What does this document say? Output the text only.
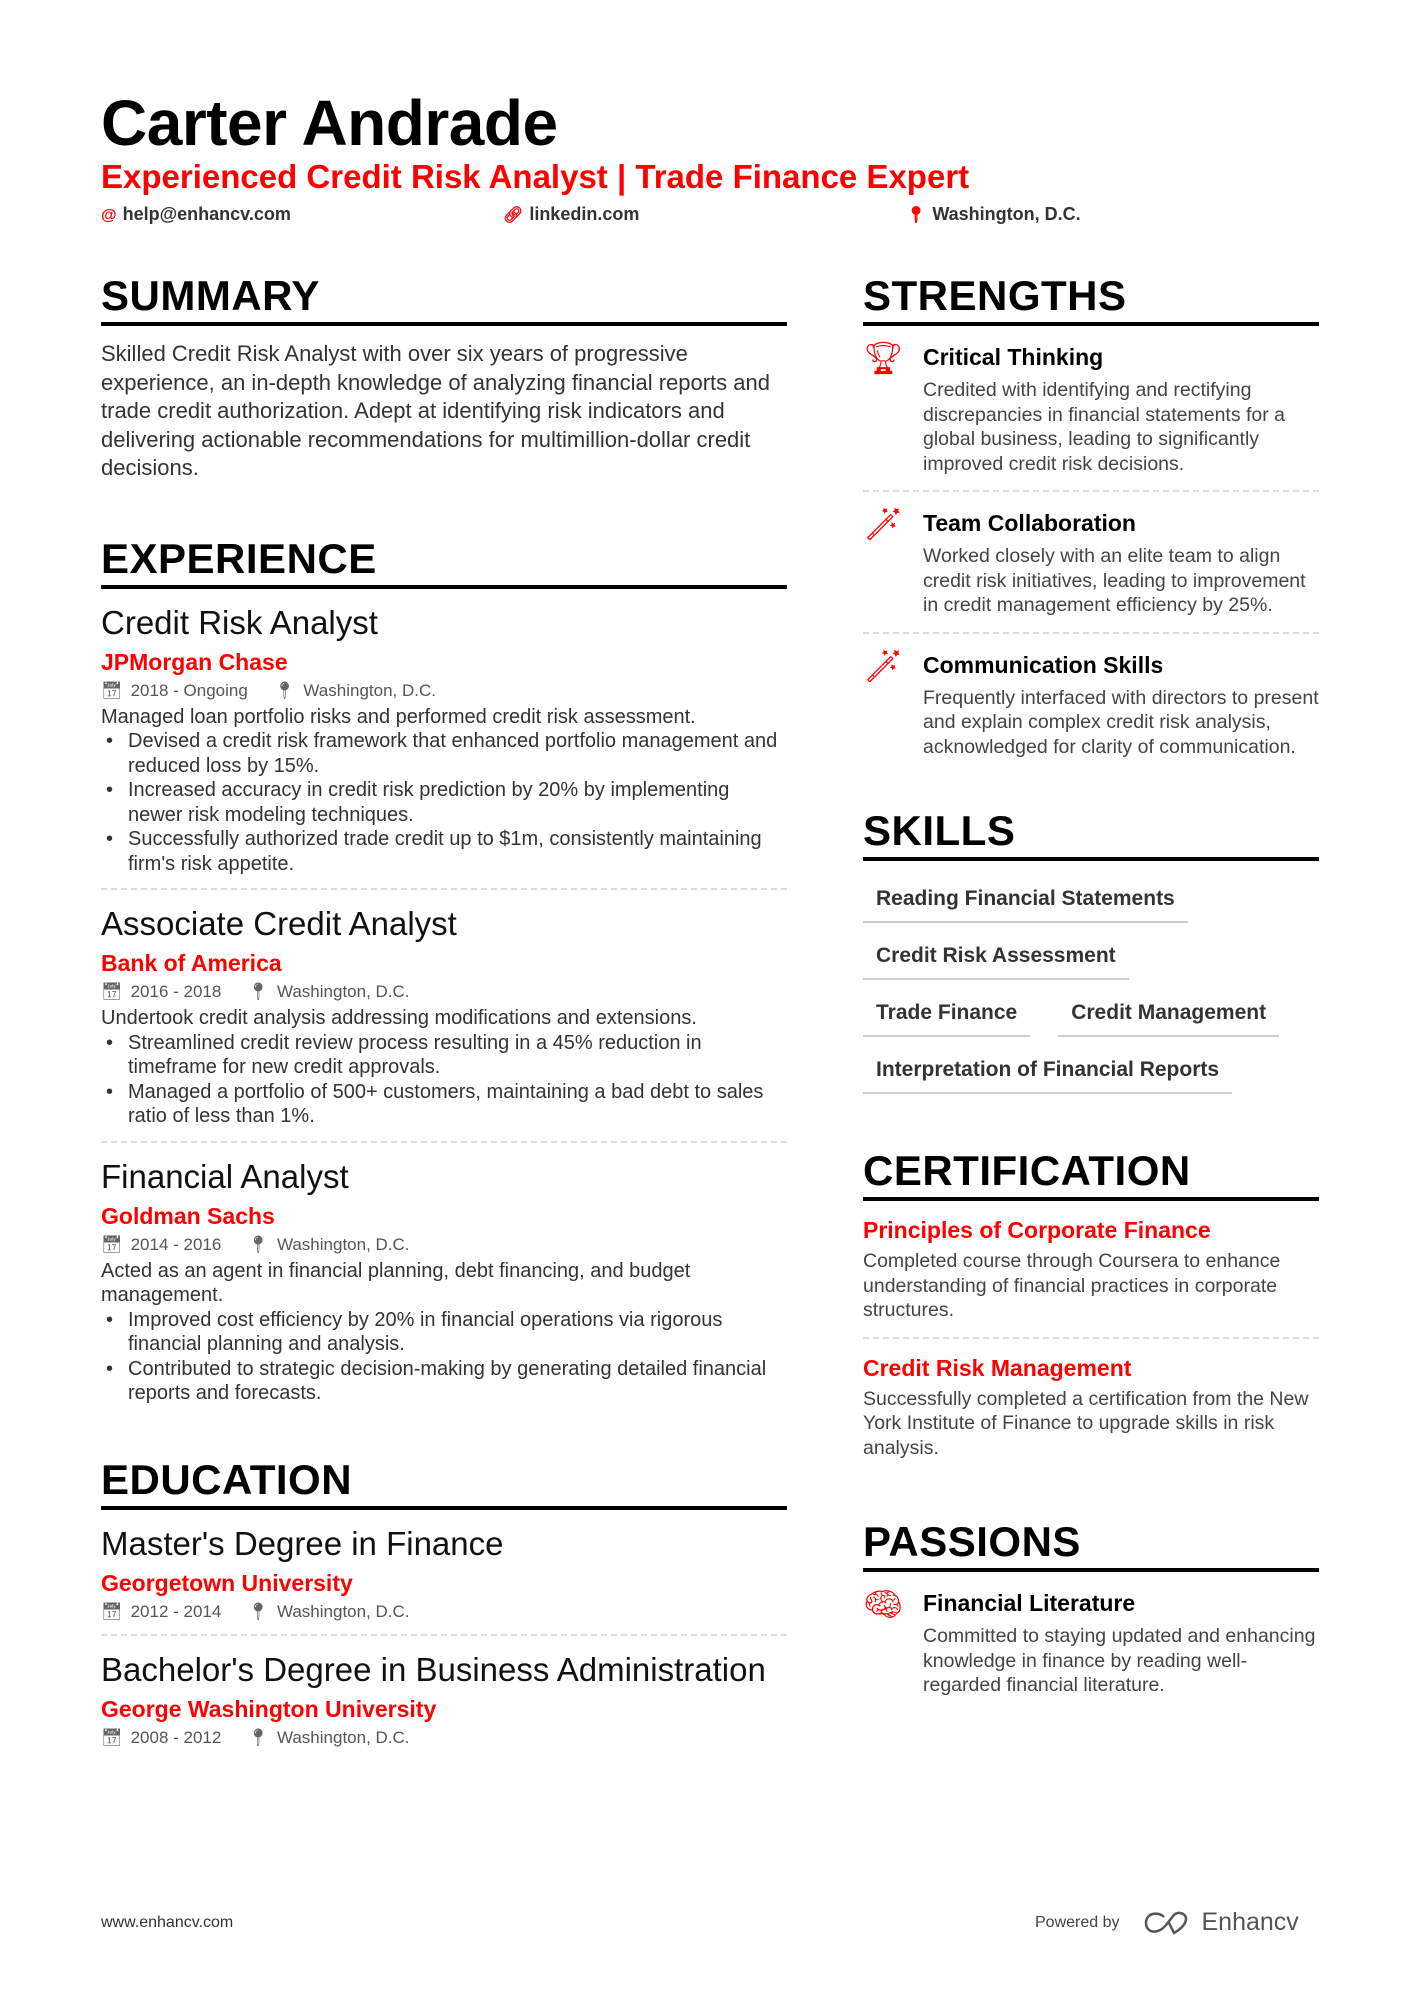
Carter Andrade
Experienced Credit Risk Analyst | Trade Finance Expert
@ help@enhancv.com	🔗︎ linkedin.com	📍︎ Washington, D.C.
SUMMARY
Skilled Credit Risk Analyst with over six years of progressive experience, an in-depth knowledge of analyzing financial reports and trade credit authorization. Adept at identifying risk indicators and delivering actionable recommendations for multimillion-dollar credit decisions.
EXPERIENCE
Credit Risk Analyst
JPMorgan Chase
📅︎ 2018 - Ongoing 📍︎ Washington, D.C.
Managed loan portfolio risks and performed credit risk assessment.
• Devised a credit risk framework that enhanced portfolio management and reduced loss by 15%.
• Increased accuracy in credit risk prediction by 20% by implementing newer risk modeling techniques.
• Successfully authorized trade credit up to $1m, consistently maintaining firm's risk appetite.
Associate Credit Analyst
Bank of America
📅︎ 2016 - 2018 📍︎ Washington, D.C.
Undertook credit analysis addressing modifications and extensions.
• Streamlined credit review process resulting in a 45% reduction in timeframe for new credit approvals.
• Managed a portfolio of 500+ customers, maintaining a bad debt to sales ratio of less than 1%.
Financial Analyst
Goldman Sachs
📅︎ 2014 - 2016 📍︎ Washington, D.C.
Acted as an agent in financial planning, debt financing, and budget management.
• Improved cost efficiency by 20% in financial operations via rigorous financial planning and analysis.
• Contributed to strategic decision-making by generating detailed financial reports and forecasts.
EDUCATION
Master's Degree in Finance
Georgetown University
📅︎ 2012 - 2014 📍︎ Washington, D.C.
Bachelor's Degree in Business Administration
George Washington University
📅︎ 2008 - 2012 📍︎ Washington, D.C.
STRENGTHS
🏆︎ Critical Thinking
Credited with identifying and rectifying discrepancies in financial statements for a global business, leading to significantly improved credit risk decisions.
🪄︎ Team Collaboration
Worked closely with an elite team to align credit risk initiatives, leading to improvement in credit management efficiency by 25%.
🪄︎ Communication Skills
Frequently interfaced with directors to present and explain complex credit risk analysis, acknowledged for clarity of communication.
SKILLS
Reading Financial Statements
Credit Risk Assessment
Trade Finance	Credit Management
Interpretation of Financial Reports
CERTIFICATION
Principles of Corporate Finance
Completed course through Coursera to enhance understanding of financial practices in corporate structures.
Credit Risk Management
Successfully completed a certification from the New York Institute of Finance to upgrade skills in risk analysis.
PASSIONS
🧠︎ Financial Literature
Committed to staying updated and enhancing knowledge in finance by reading well-regarded financial literature.
www.enhancv.com	Powered by	Enhancv
